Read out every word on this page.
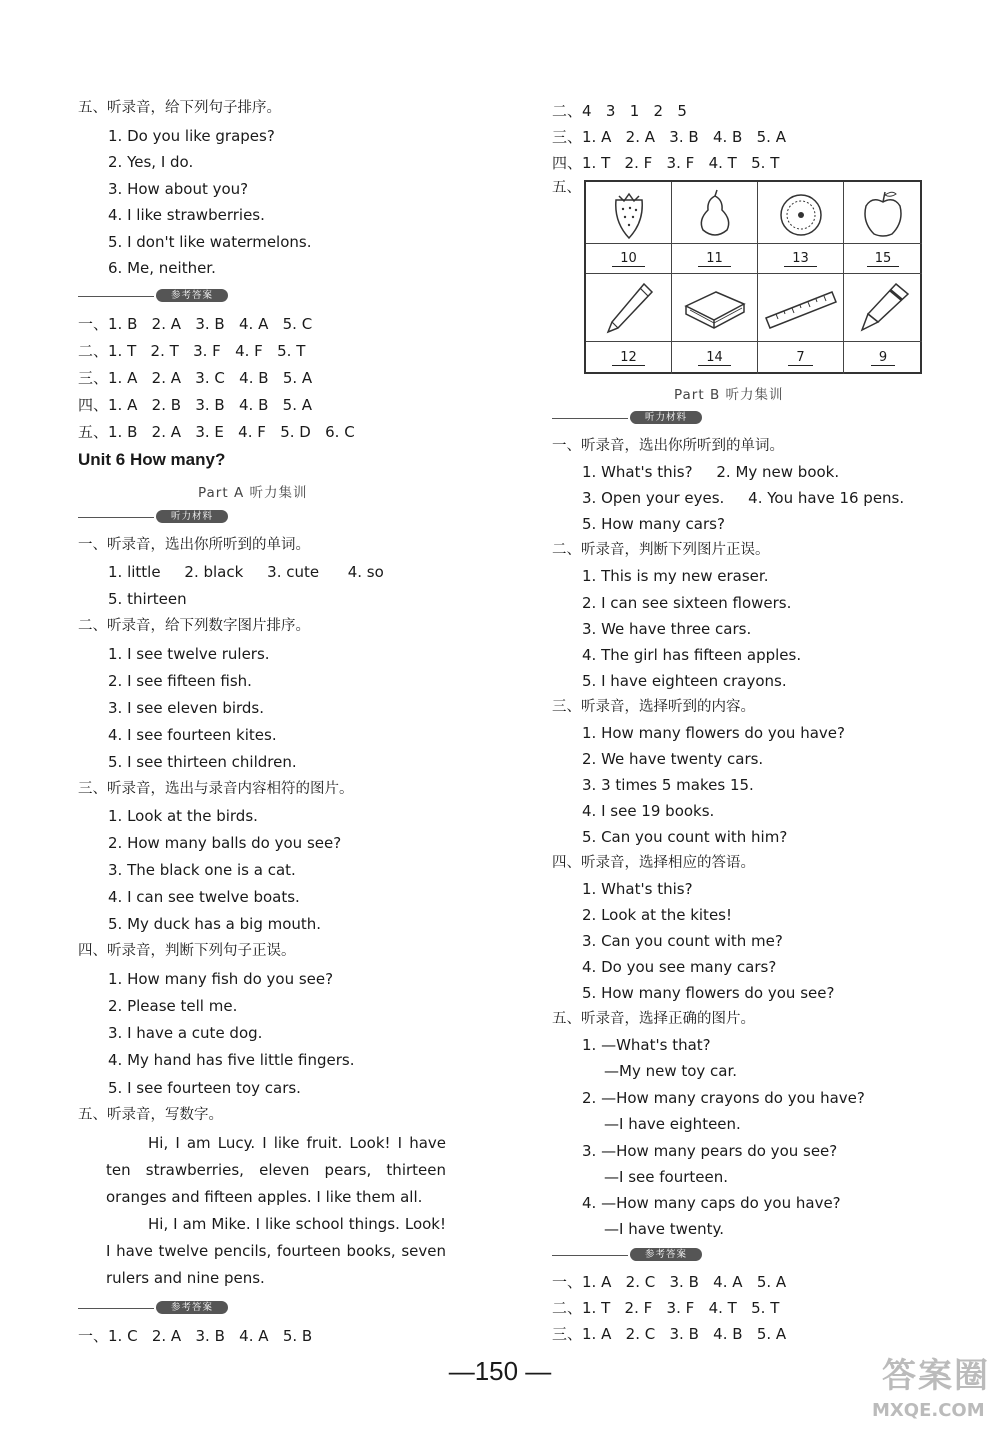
五、听录音，给下列句子排序。
1. Do you like grapes?
2. Yes, I do.
3. How about you?
4. I like strawberries.
5. I don't like watermelons.
6. Me, neither.
参考答案
一、1. B   2. A   3. B   4. A   5. C
二、1. T   2. T   3. F   4. F   5. T
三、1. A   2. A   3. C   4. B   5. A
四、1. A   2. B   3. B   4. B   5. A
五、1. B   2. A   3. E   4. F   5. D   6. C
Unit 6 How many?
Part A 听力集训
听力材料
一、听录音，选出你所听到的单词。
1. little     2. black     3. cute      4. so
5. thirteen
二、听录音，给下列数字图片排序。
1. I see twelve rulers.
2. I see fifteen fish.
3. I see eleven birds.
4. I see fourteen kites.
5. I see thirteen children.
三、听录音，选出与录音内容相符的图片。
1. Look at the birds.
2. How many balls do you see?
3. The black one is a cat.
4. I can see twelve boats.
5. My duck has a big mouth.
四、听录音，判断下列句子正误。
1. How many fish do you see?
2. Please tell me.
3. I have a cute dog.
4. My hand has five little fingers.
5. I see fourteen toy cars.
五、听录音，写数字。

Hi, I am Lucy. I like fruit. Look! I have ten strawberries, eleven pears, thirteen oranges and fifteen apples. I like them all.

Hi, I am Mike. I like school things. Look! I have twelve pencils, fourteen books, seven rulers and nine pens.

参考答案
一、1. C   2. A   3. B   4. A   5. B
二、4   3   1   2   5
三、1. A   2. A   3. B   4. B   5. A
四、1. T   2. F   3. F   4. T   5. T
五、
Part B 听力集训
听力材料
一、听录音，选出你所听到的单词。
1. What's this?     2. My new book.
3. Open your eyes.     4. You have 16 pens.
5. How many cars?
二、听录音，判断下列图片正误。
1. This is my new eraser.
2. I can see sixteen flowers.
3. We have three cars.
4. The girl has fifteen apples.
5. I have eighteen crayons.
三、听录音，选择听到的内容。
1. How many flowers do you have?
2. We have twenty cars.
3. 3 times 5 makes 15.
4. I see 19 books.
5. Can you count with him?
四、听录音，选择相应的答语。
1. What's this?
2. Look at the kites!
3. Can you count with me?
4. Do you see many cars?
5. How many flowers do you see?
五、听录音，选择正确的图片。
1. —What's that?
—My new toy car.
2. —How many crayons do you have?
—I have eighteen.
3. —How many pears do you see?
—I see fourteen.
4. —How many caps do you have?
—I have twenty.
参考答案
一、1. A   2. C   3. B   4. A   5. A
二、1. T   2. F   3. F   4. T   5. T
三、1. A   2. C   3. B   4. B   5. A
10	11	13	15
12	14	7	9
—150 —	答案圈
MXQE.COM
